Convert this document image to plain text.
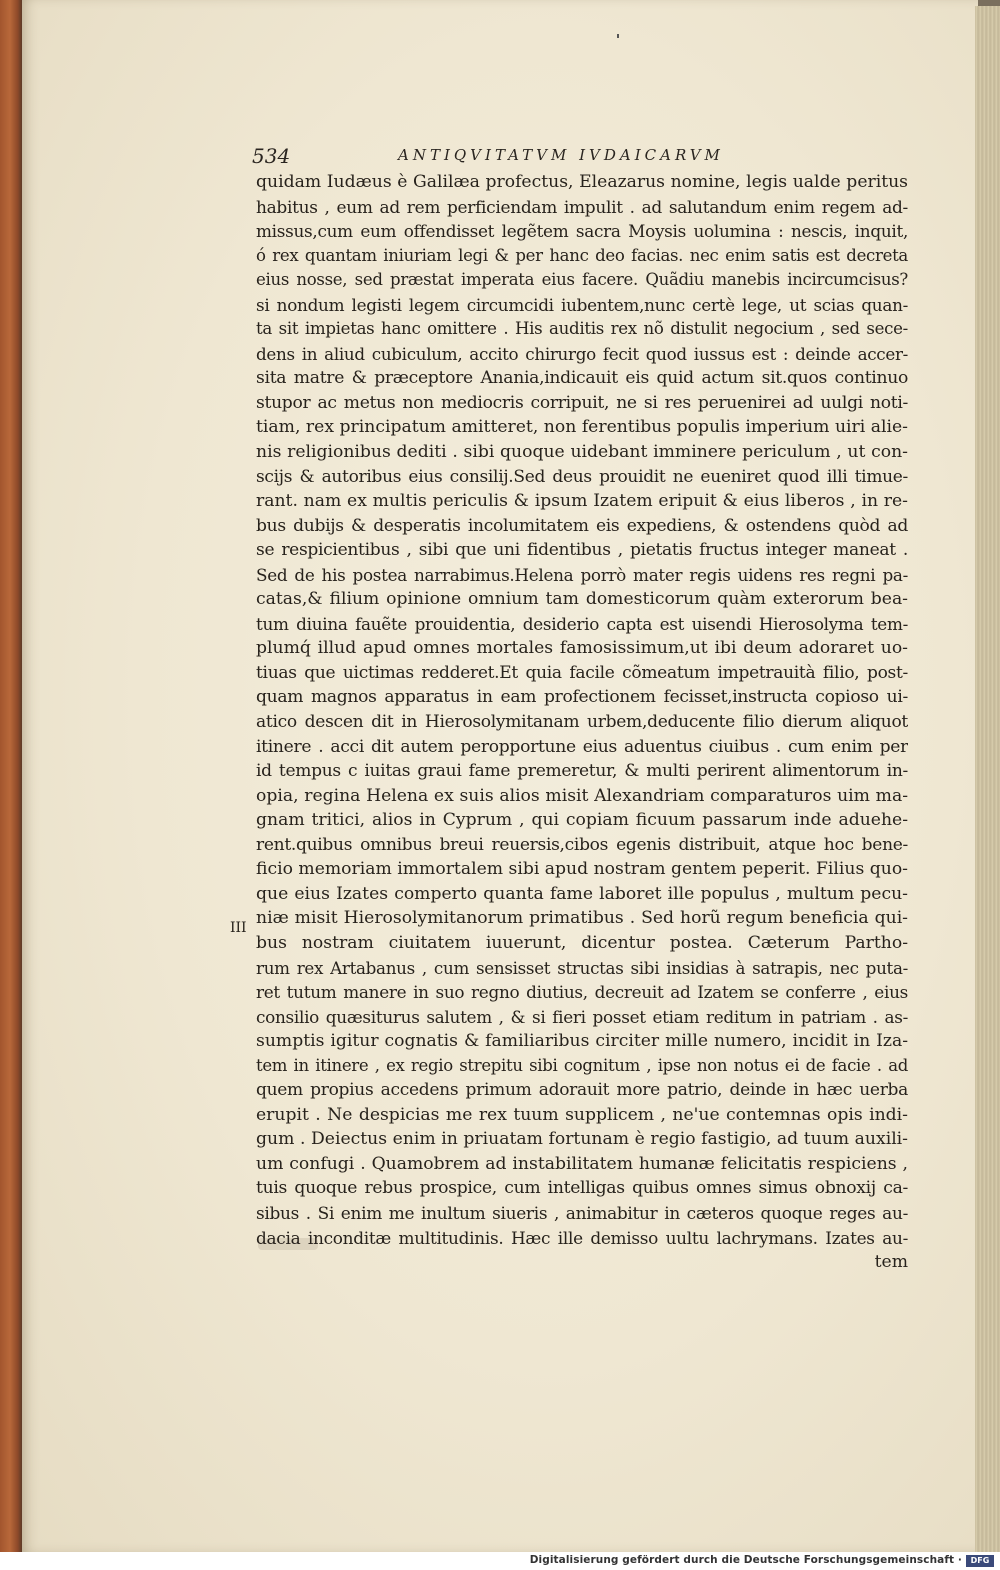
534	ANTIQVITATVM IVDAICARVM
III
quidam Iudæus è Galilæa profectus, Eleazarus nomine, legis ualde peritus
habitus , eum ad rem perficiendam impulit . ad salutandum enim regem ad-
missus,cum eum offendisset legẽtem sacra Moysis uolumina : nescis, inquit,
ó rex quantam iniuriam legi & per hanc deo facias. nec enim satis est decreta
eius nosse, sed præstat imperata eius facere. Quãdiu manebis incircumcisus?
si nondum legisti legem circumcidi iubentem,nunc certè lege, ut scias quan-
ta sit impietas hanc omittere . His auditis rex nõ distulit negocium , sed sece-
dens in aliud cubiculum, accito chirurgo fecit quod iussus est : deinde accer-
sita matre & præceptore Anania,indicauit eis quid actum sit.quos continuo
stupor ac metus non mediocris corripuit, ne si res peruenirei ad uulgi noti-
tiam, rex principatum amitteret, non ferentibus populis imperium uiri alie-
nis religionibus dediti . sibi quoque uidebant imminere periculum , ut con-
scijs & autoribus eius consilij.Sed deus prouidit ne eueniret quod illi timue-
rant. nam ex multis periculis & ipsum Izatem eripuit & eius liberos , in re-
bus dubijs & desperatis incolumitatem eis expediens, & ostendens quòd ad
se respicientibus , sibi que uni fidentibus , pietatis fructus integer maneat .
Sed de his postea narrabimus.Helena porrò mater regis uidens res regni pa-
catas,& filium opinione omnium tam domesticorum quàm exterorum bea-
tum diuina fauẽte prouidentia, desiderio capta est uisendi Hierosolyma tem-
plumq́ illud apud omnes mortales famosissimum,ut ibi deum adoraret uo-
tiuas que uictimas redderet.Et quia facile cõmeatum impetrauità filio, post-
quam magnos apparatus in eam profectionem fecisset,instructa copioso ui-
atico descen dit in Hierosolymitanam urbem,deducente filio dierum aliquot
itinere . acci dit autem peropportune eius aduentus ciuibus . cum enim per
id tempus c iuitas graui fame premeretur, & multi perirent alimentorum in-
opia, regina Helena ex suis alios misit Alexandriam comparaturos uim ma-
gnam tritici, alios in Cyprum , qui copiam ficuum passarum inde aduehe-
rent.quibus omnibus breui reuersis,cibos egenis distribuit, atque hoc bene-
ficio memoriam immortalem sibi apud nostram gentem peperit. Filius quo-
que eius Izates comperto quanta fame laboret ille populus , multum pecu-
niæ misit Hierosolymitanorum primatibus . Sed horũ regum beneficia qui-
bus nostram ciuitatem iuuerunt, dicentur postea. Cæterum Partho-
rum rex Artabanus , cum sensisset structas sibi insidias à satrapis, nec puta-
ret tutum manere in suo regno diutius, decreuit ad Izatem se conferre , eius
consilio quæsiturus salutem , & si fieri posset etiam reditum in patriam . as-
sumptis igitur cognatis & familiaribus circiter mille numero, incidit in Iza-
tem in itinere , ex regio strepitu sibi cognitum , ipse non notus ei de facie . ad
quem propius accedens primum adorauit more patrio, deinde in hæc uerba
erupit . Ne despicias me rex tuum supplicem , ne'ue contemnas opis indi-
gum . Deiectus enim in priuatam fortunam è regio fastigio, ad tuum auxili-
um confugi . Quamobrem ad instabilitatem humanæ felicitatis respiciens ,
tuis quoque rebus prospice, cum intelligas quibus omnes simus obnoxij ca-
sibus . Si enim me inultum siueris , animabitur in cæteros quoque reges au-
dacia inconditæ multitudinis. Hæc ille demisso uultu lachrymans. Izates au-
tem
Digitalisierung gefördert durch die Deutsche Forschungsgemeinschaft ·	DFG
